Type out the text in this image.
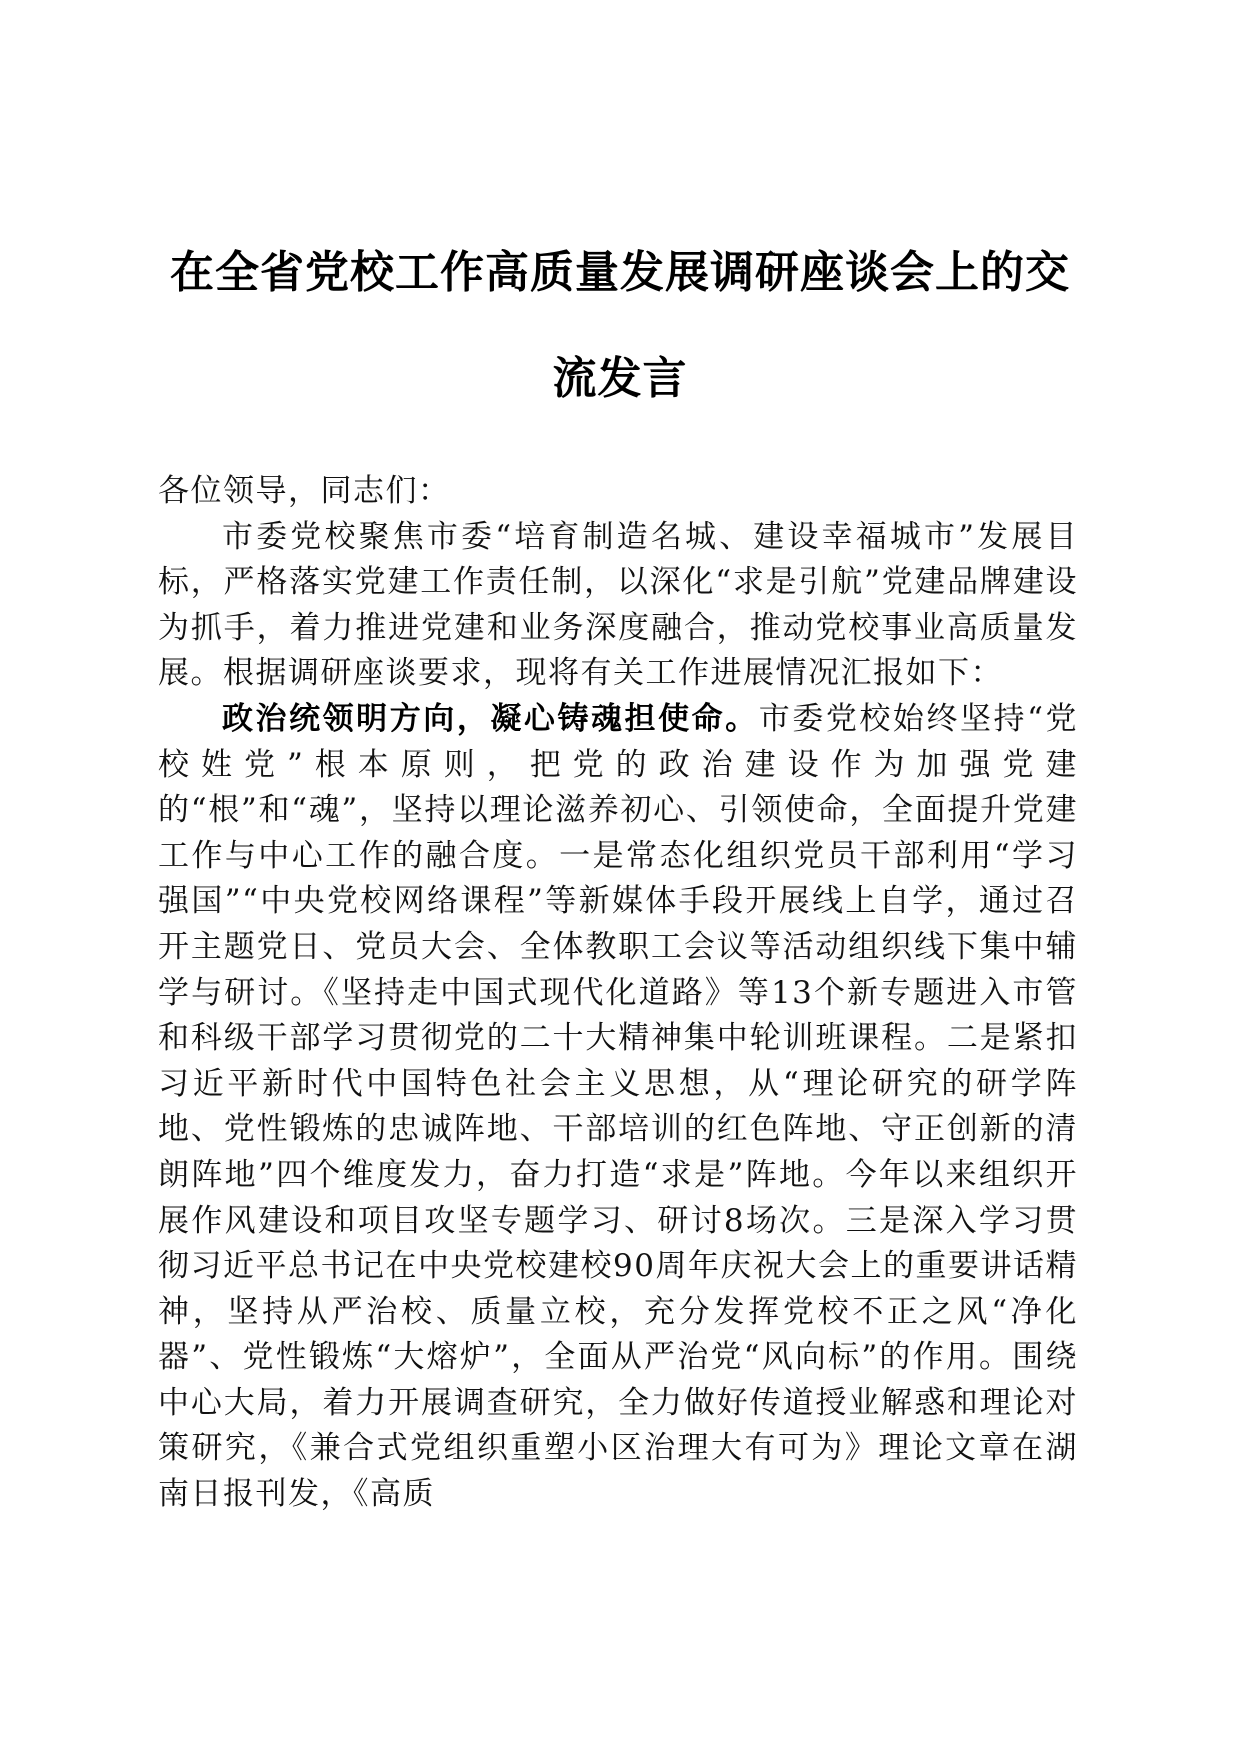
在全省党校工作高质量发展调研座谈会上的交
流发言

各位领导，同志们：

市委党校聚焦市委“培育制造名城、建设幸福城市”发展目标，严格落实党建工作责任制，以深化“求是引航”党建品牌建设为抓手，着力推进党建和业务深度融合，推动党校事业高质量发展。根据调研座谈要求，现将有关工作进展情况汇报如下：

政治统领明方向，凝心铸魂担使命。市委党校始终坚持“党校姓党”根本原则，把党的政治建设作为加强党建的“根”和“魂”，坚持以理论滋养初心、引领使命，全面提升党建工作与中心工作的融合度。一是常态化组织党员干部利用“学习强国”“中央党校网络课程”等新媒体手段开展线上自学，通过召开主题党日、党员大会、全体教职工会议等活动组织线下集中辅学与研讨。《坚持走中国式现代化道路》等13个新专题进入市管和科级干部学习贯彻党的二十大精神集中轮训班课程。二是紧扣习近平新时代中国特色社会主义思想，从“理论研究的研学阵地、党性锻炼的忠诚阵地、干部培训的红色阵地、守正创新的清朗阵地”四个维度发力，奋力打造“求是”阵地。今年以来组织开展作风建设和项目攻坚专题学习、研讨8场次。三是深入学习贯彻习近平总书记在中央党校建校90周年庆祝大会上的重要讲话精神，坚持从严治校、质量立校，充分发挥党校不正之风“净化器”、党性锻炼“大熔炉”，全面从严治党“风向标”的作用。围绕中心大局，着力开展调查研究，全力做好传道授业解惑和理论对策研究，《兼合式党组织重塑小区治理大有可为》理论文章在湖南日报刊发，《高质
